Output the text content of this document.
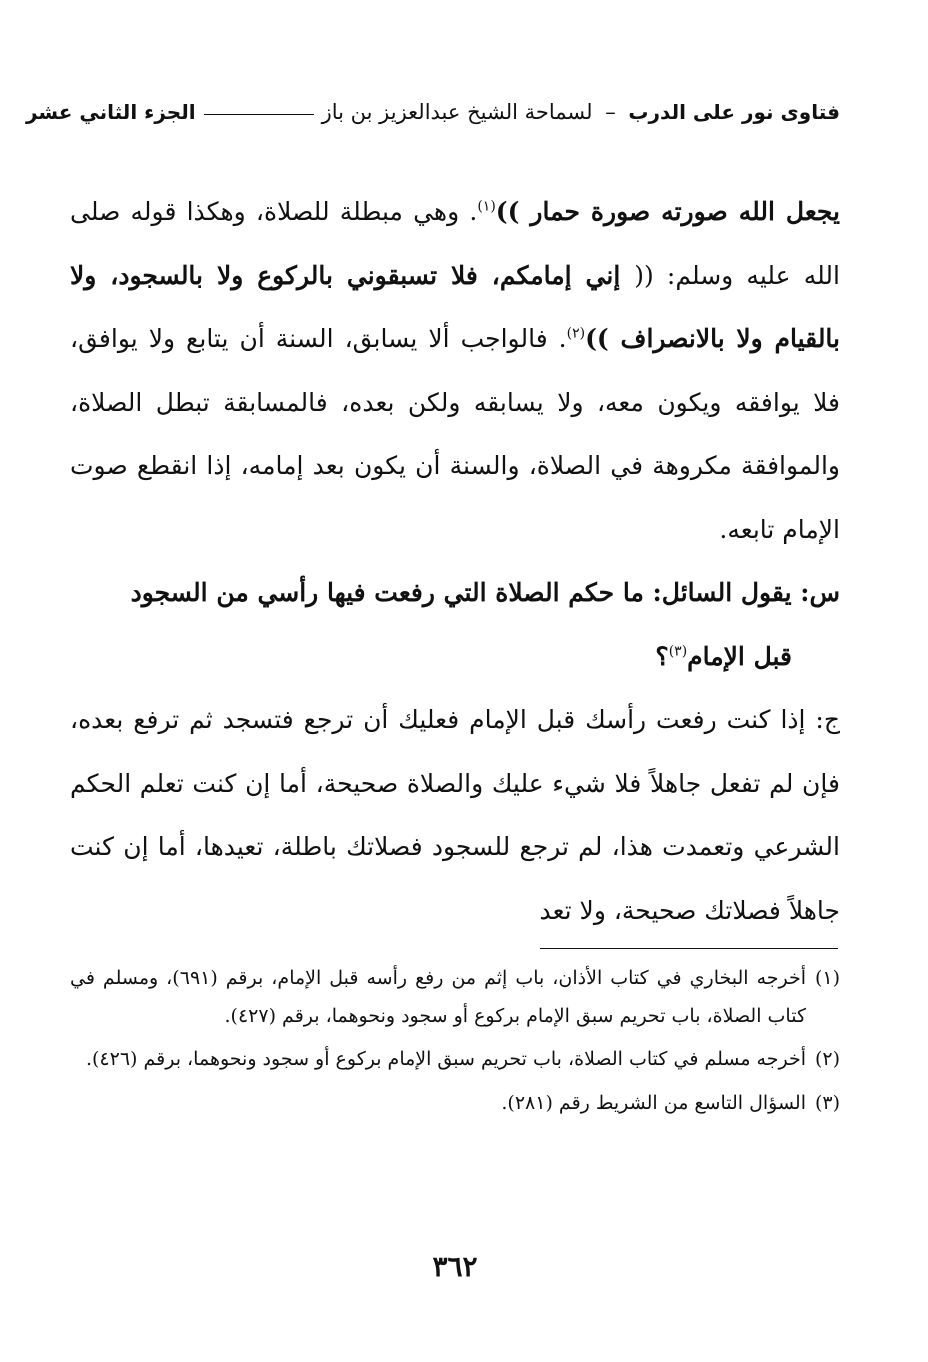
فتاوى نور على الدرب – لسماحة الشيخ عبدالعزيز بن باز
الجزء الثاني عشر

يجعل الله صورته صورة حمار ))$^{(١)}$. وهي مبطلة للصلاة، وهكذا قوله صلى الله عليه وسلم: (( إني إمامكم، فلا تسبقوني بالركوع ولا بالسجود، ولا بالقيام ولا بالانصراف ))$^{(٢)}$. فالواجب ألا يسابق، السنة أن يتابع ولا يوافق، فلا يوافقه ويكون معه، ولا يسابقه ولكن بعده، فالمسابقة تبطل الصلاة، والموافقة مكروهة في الصلاة، والسنة أن يكون بعد إمامه، إذا انقطع صوت الإمام تابعه.

س: يقول السائل: ما حكم الصلاة التي رفعت فيها رأسي من السجود
قبل الإمام$^{(٣)}$؟

ج: إذا كنت رفعت رأسك قبل الإمام فعليك أن ترجع فتسجد ثم ترفع بعده، فإن لم تفعل جاهلاً فلا شيء عليك والصلاة صحيحة، أما إن كنت تعلم الحكم الشرعي وتعمدت هذا، لم ترجع للسجود فصلاتك باطلة، تعيدها، أما إن كنت جاهلاً فصلاتك صحيحة، ولا تعد

(١)
أخرجه البخاري في كتاب الأذان، باب إثم من رفع رأسه قبل الإمام، برقم (٦٩١)، ومسلم في كتاب الصلاة، باب تحريم سبق الإمام بركوع أو سجود ونحوهما، برقم (٤٢٧).

(٢)
أخرجه مسلم في كتاب الصلاة، باب تحريم سبق الإمام بركوع أو سجود ونحوهما، برقم (٤٢٦).

(٣)
السؤال التاسع من الشريط رقم (٢٨١).

٣٦٢
